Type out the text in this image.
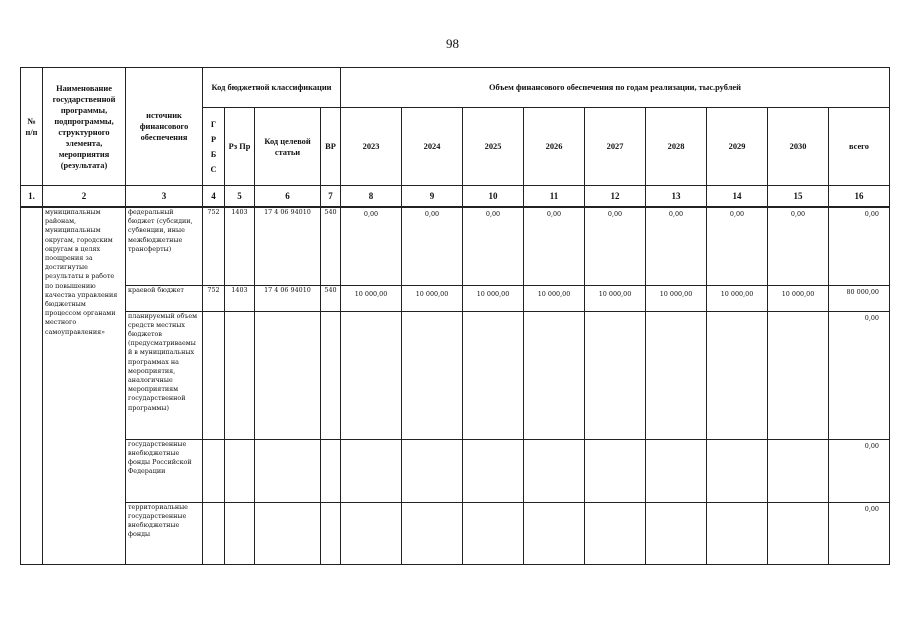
98
№ п/п	Наименование государственной программы, подпрограммы, структурного элемента, мероприятия (результата)	источник финансового обеспечения	Код бюджетной классификации				Объем финансового обеспечения по годам реализации, тыс.рублей								
			Г
Р
Б
С	Рз Пр	Код целевой статьи	ВР	2023	2024	2025	2026	2027	2028	2029	2030	всего
1.	2	3	4	5	6	7	8	9	10	11	12	13	14	15	16
	муниципальным районам, муниципальным округам, городским округам в целях поощрения за достигнутые результаты в работе по повышению качества управления бюджетным процессом органами местного самоуправления»	федеральный бюджет (субсидии, субвенции, иные межбюджетные трансферты)	752	1403	17 4 06 94010	540	0,00	0,00	0,00	0,00	0,00	0,00	0,00	0,00	0,00
		краевой бюджет	752	1403	17 4 06 94010	540	10 000,00	10 000,00	10 000,00	10 000,00	10 000,00	10 000,00	10 000,00	10 000,00	80 000,00
		планируемый объем средств местных бюджетов (предусматриваемы й в муниципальных программах на мероприятия, аналогичные мероприятиям государственной программы)													0,00
		государственные внебюджетные фонды Российской Федерации													0,00
		территориальные государственные внебюджетные фонды													0,00
